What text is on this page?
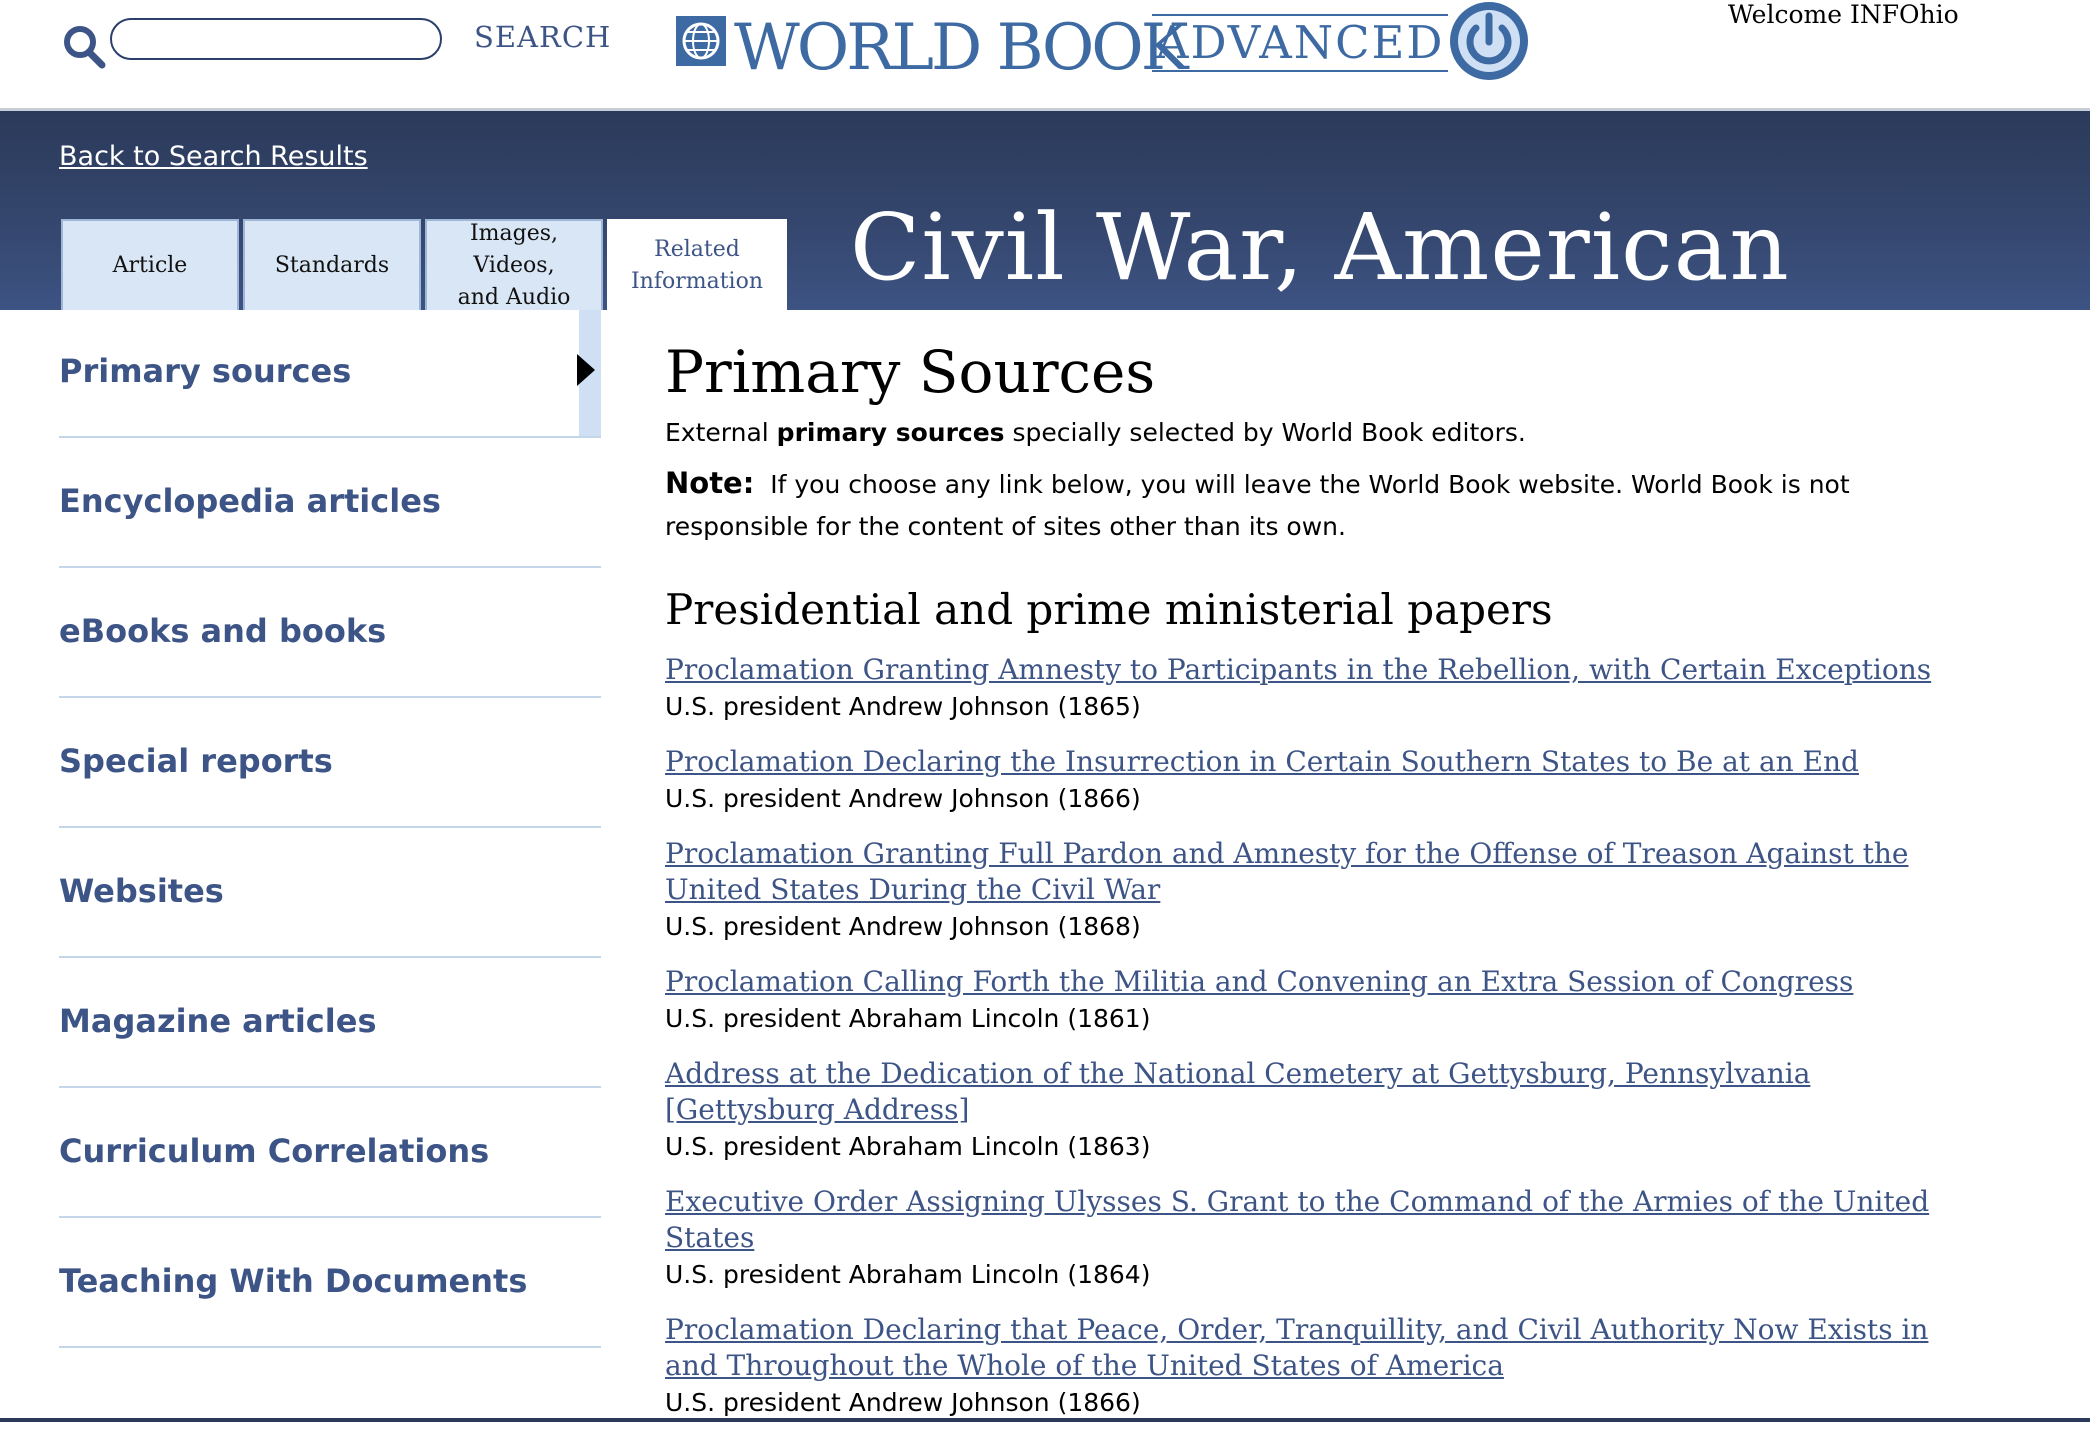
SEARCH WORLD BOOK
ADVANCED
Welcome INFOhio
Back to Search Results
Article	Standards
Images, Videos,
and Audio
Related
Information Civil War, American
Primary sources
Encyclopedia articles
eBooks and books
Special reports
Websites
Magazine articles
Curriculum Correlations
Teaching With Documents
Primary Sources
External primary sources specially selected by World Book editors.
Note: If you choose any link below, you will leave the World Book website. World Book is not responsible for the content of sites other than its own.
Presidential and prime ministerial papers
Proclamation Granting Amnesty to Participants in the Rebellion, with Certain Exceptions
U.S. president Andrew Johnson (1865)
Proclamation Declaring the Insurrection in Certain Southern States to Be at an End
U.S. president Andrew Johnson (1866)
Proclamation Granting Full Pardon and Amnesty for the Offense of Treason Against the United States During the Civil War
U.S. president Andrew Johnson (1868)
Proclamation Calling Forth the Militia and Convening an Extra Session of Congress
U.S. president Abraham Lincoln (1861)
Address at the Dedication of the National Cemetery at Gettysburg, Pennsylvania [Gettysburg Address]
U.S. president Abraham Lincoln (1863)
Executive Order Assigning Ulysses S. Grant to the Command of the Armies of the United States
U.S. president Abraham Lincoln (1864)
Proclamation Declaring that Peace, Order, Tranquillity, and Civil Authority Now Exists in and Throughout the Whole of the United States of America
U.S. president Andrew Johnson (1866)
